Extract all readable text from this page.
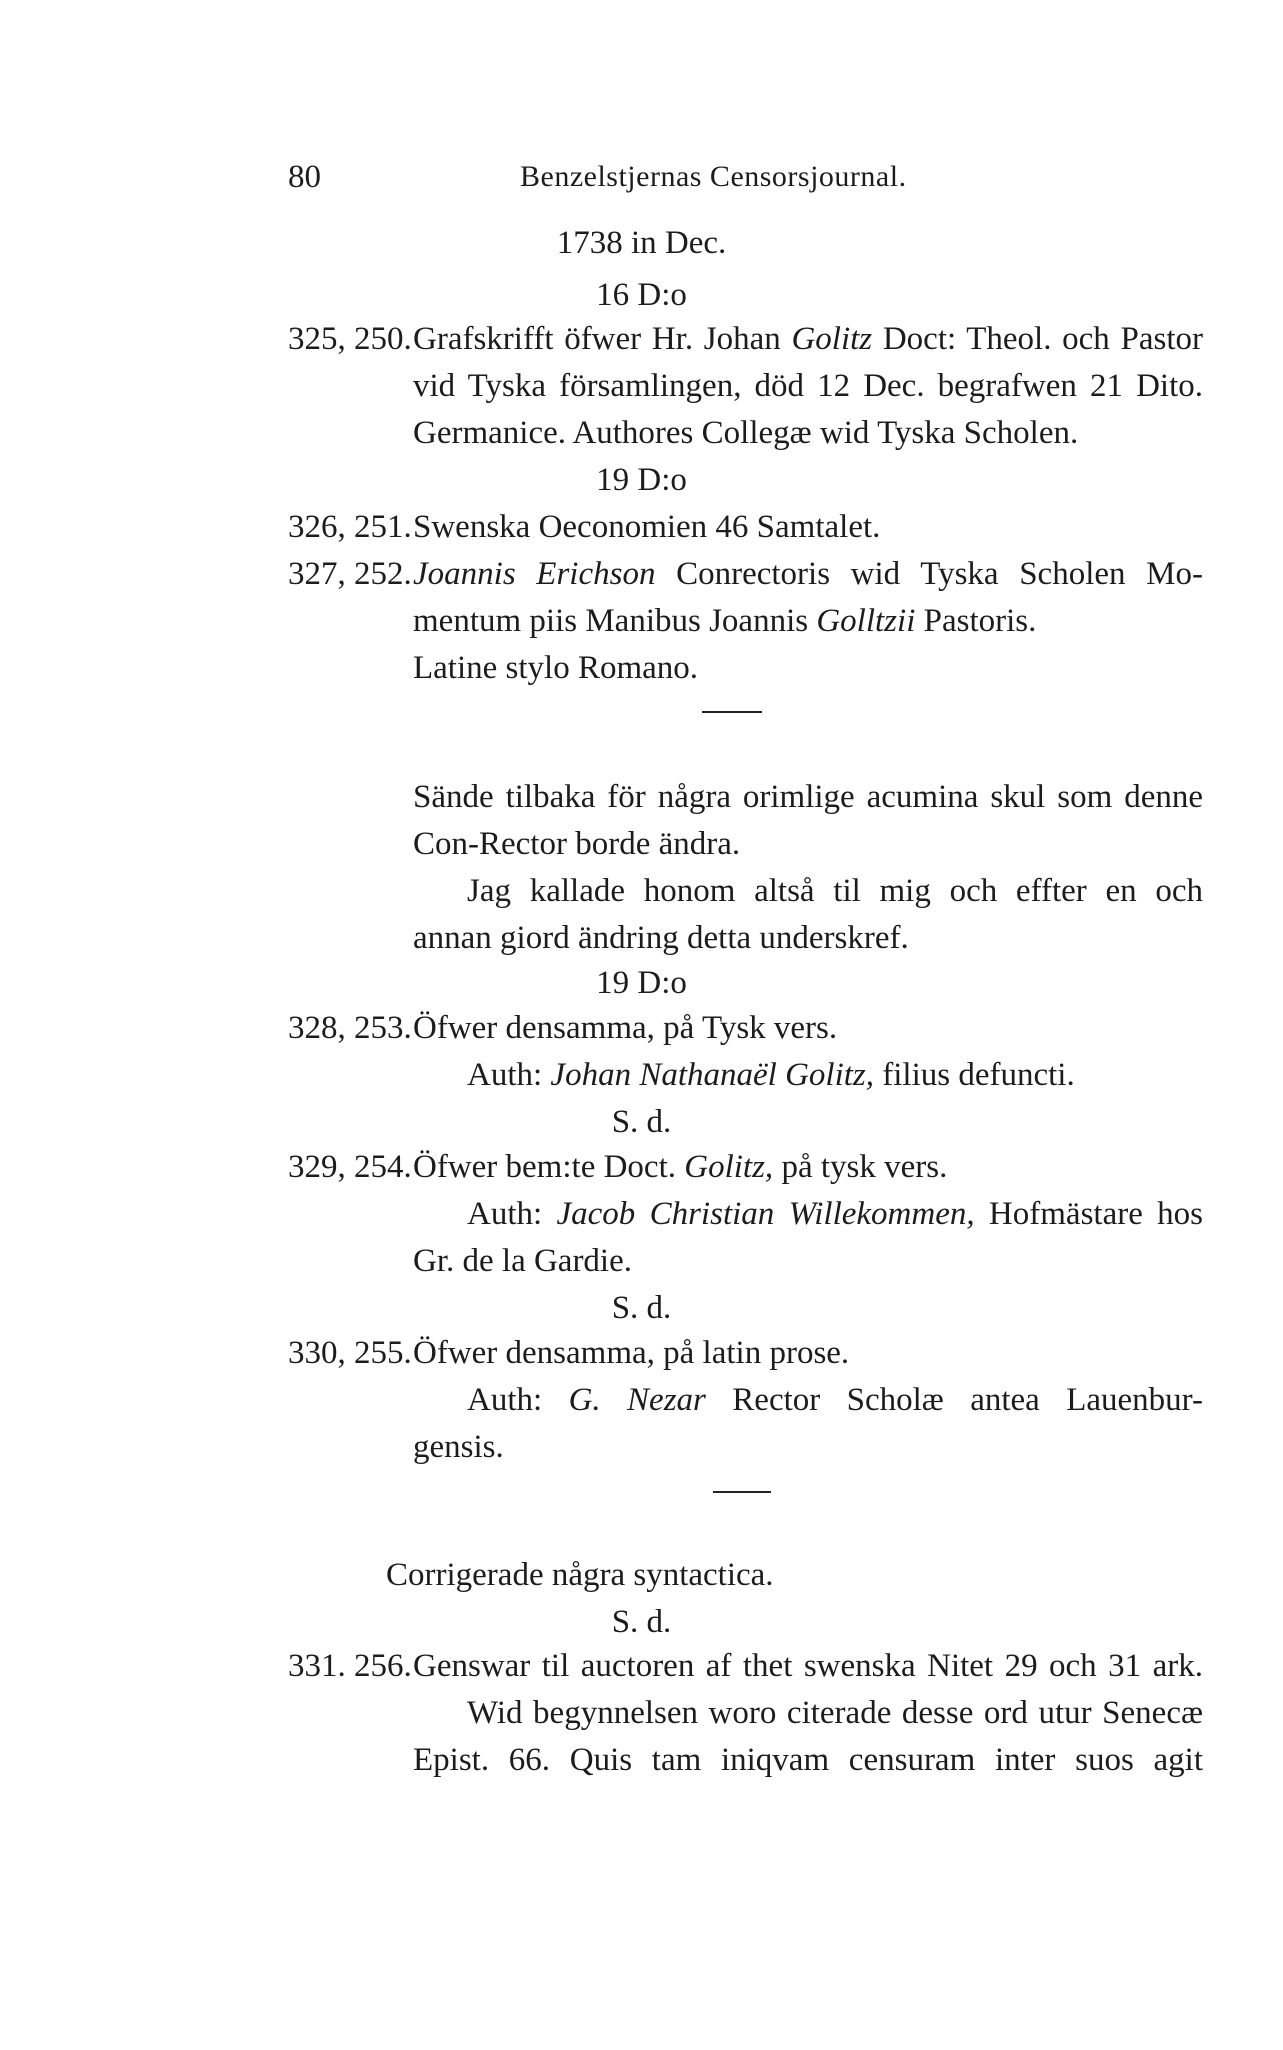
80	Benzelstjernas Censorsjournal.
1738 in Dec.
16 D:o
325, 250. Grafskrifft öfwer Hr. Johan Golitz Doct: Theol. och Pastor
vid Tyska församlingen, död 12 Dec. begrafwen 21 Dito.
Germanice. Authores Collegæ wid Tyska Scholen.
19 D:o
326, 251. Swenska Oeconomien 46 Samtalet.
327, 252. Joannis Erichson Conrectoris wid Tyska Scholen Mo-
mentum piis Manibus Joannis Golltzii Pastoris.
Latine stylo Romano.
Sände tilbaka för några orimlige acumina skul som denne
Con-Rector borde ändra.
Jag kallade honom altså til mig och effter en och
annan giord ändring detta underskref.
19 D:o
328, 253. Öfwer densamma, på Tysk vers.
Auth: Johan Nathanaël Golitz, filius defuncti.
S. d.
329, 254. Öfwer bem:te Doct. Golitz, på tysk vers.
Auth: Jacob Christian Willekommen, Hofmästare hos
Gr. de la Gardie.
S. d.
330, 255. Öfwer densamma, på latin prose.
Auth: G. Nezar Rector Scholæ antea Lauenbur-
gensis.
Corrigerade några syntactica.
S. d.
331. 256. Genswar til auctoren af thet swenska Nitet 29 och 31 ark.
Wid begynnelsen woro citerade desse ord utur Senecæ
Epist. 66. Quis tam iniqvam censuram inter suos agit
